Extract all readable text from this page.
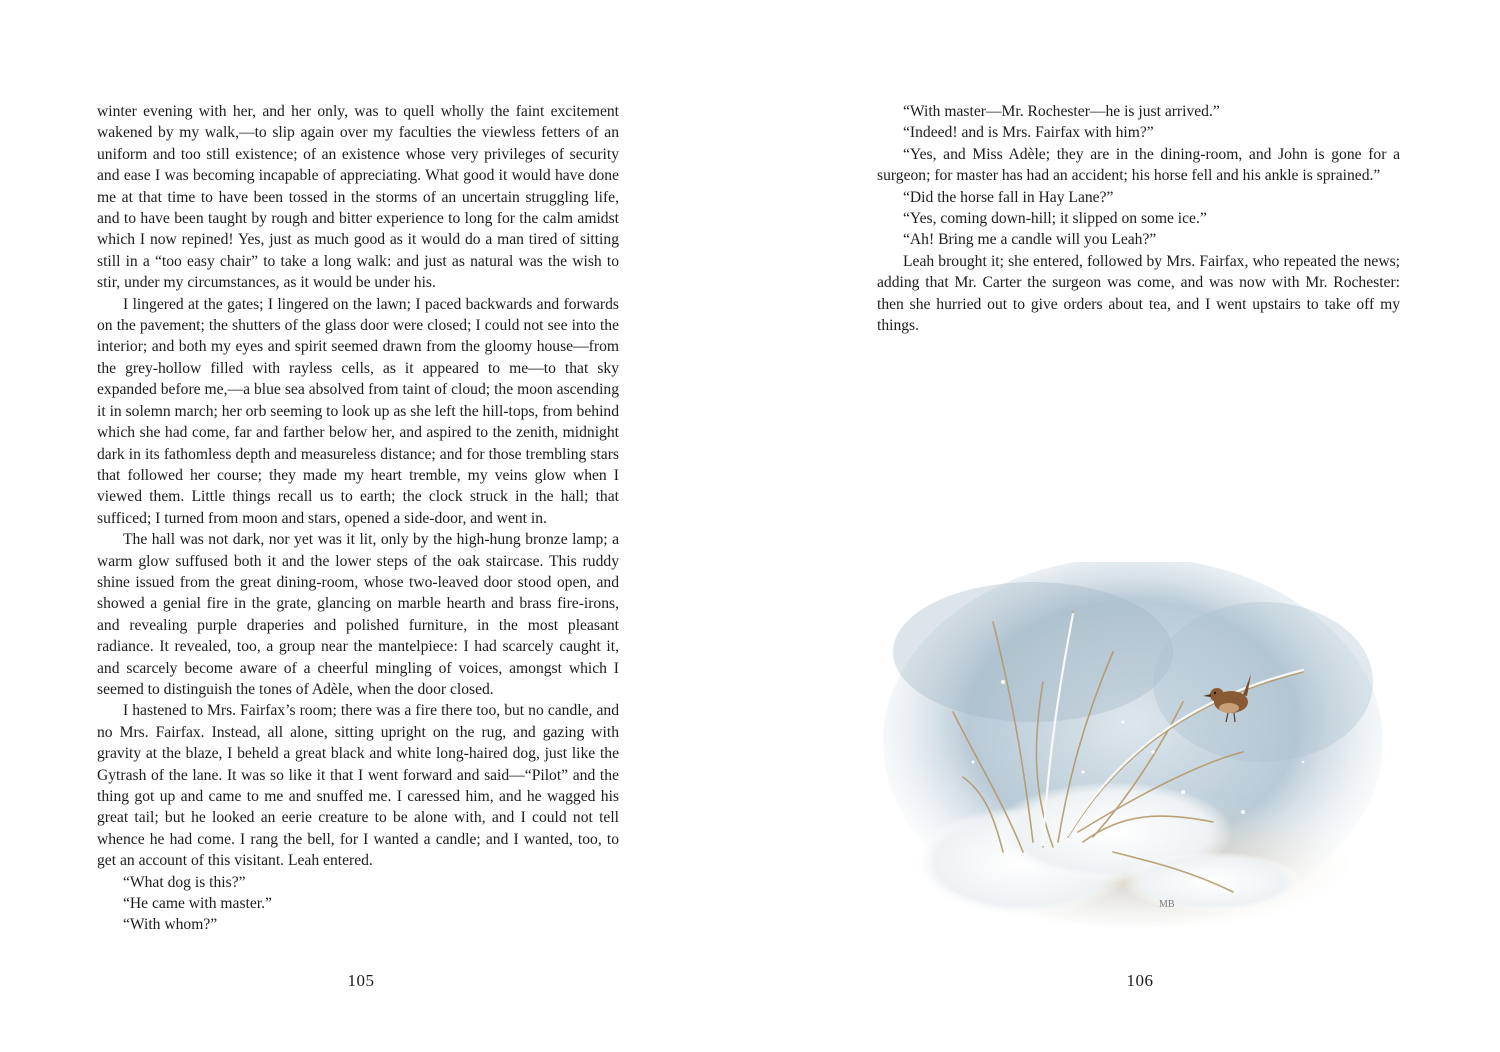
winter evening with her, and her only, was to quell wholly the faint excitement wakened by my walk,—to slip again over my faculties the viewless fetters of an uniform and too still existence; of an existence whose very privileges of security and ease I was becoming incapable of appreciating. What good it would have done me at that time to have been tossed in the storms of an uncertain struggling life, and to have been taught by rough and bitter experience to long for the calm amidst which I now repined! Yes, just as much good as it would do a man tired of sitting still in a “too easy chair” to take a long walk: and just as natural was the wish to stir, under my circumstances, as it would be under his.

I lingered at the gates; I lingered on the lawn; I paced backwards and forwards on the pavement; the shutters of the glass door were closed; I could not see into the interior; and both my eyes and spirit seemed drawn from the gloomy house—from the grey-hollow filled with rayless cells, as it appeared to me—to that sky expanded before me,—a blue sea absolved from taint of cloud; the moon ascending it in solemn march; her orb seeming to look up as she left the hill-tops, from behind which she had come, far and farther below her, and aspired to the zenith, midnight dark in its fathomless depth and measureless distance; and for those trembling stars that followed her course; they made my heart tremble, my veins glow when I viewed them. Little things recall us to earth; the clock struck in the hall; that sufficed; I turned from moon and stars, opened a side-door, and went in.

The hall was not dark, nor yet was it lit, only by the high-hung bronze lamp; a warm glow suffused both it and the lower steps of the oak staircase. This ruddy shine issued from the great dining-room, whose two-leaved door stood open, and showed a genial fire in the grate, glancing on marble hearth and brass fire-irons, and revealing purple draperies and polished furniture, in the most pleasant radiance. It revealed, too, a group near the mantelpiece: I had scarcely caught it, and scarcely become aware of a cheerful mingling of voices, amongst which I seemed to distinguish the tones of Adèle, when the door closed.

I hastened to Mrs. Fairfax’s room; there was a fire there too, but no candle, and no Mrs. Fairfax. Instead, all alone, sitting upright on the rug, and gazing with gravity at the blaze, I beheld a great black and white long-haired dog, just like the Gytrash of the lane. It was so like it that I went forward and said—“Pilot” and the thing got up and came to me and snuffed me. I caressed him, and he wagged his great tail; but he looked an eerie creature to be alone with, and I could not tell whence he had come. I rang the bell, for I wanted a candle; and I wanted, too, to get an account of this visitant. Leah entered.

“What dog is this?”

“He came with master.”

“With whom?”

105

“With master—Mr. Rochester—he is just arrived.”

“Indeed! and is Mrs. Fairfax with him?”

“Yes, and Miss Adèle; they are in the dining-room, and John is gone for a surgeon; for master has had an accident; his horse fell and his ankle is sprained.”

“Did the horse fall in Hay Lane?”

“Yes, coming down-hill; it slipped on some ice.”

“Ah! Bring me a candle will you Leah?”

Leah brought it; she entered, followed by Mrs. Fairfax, who repeated the news; adding that Mr. Carter the surgeon was come, and was now with Mr. Rochester: then she hurried out to give orders about tea, and I went upstairs to take off my things.

MB
106
